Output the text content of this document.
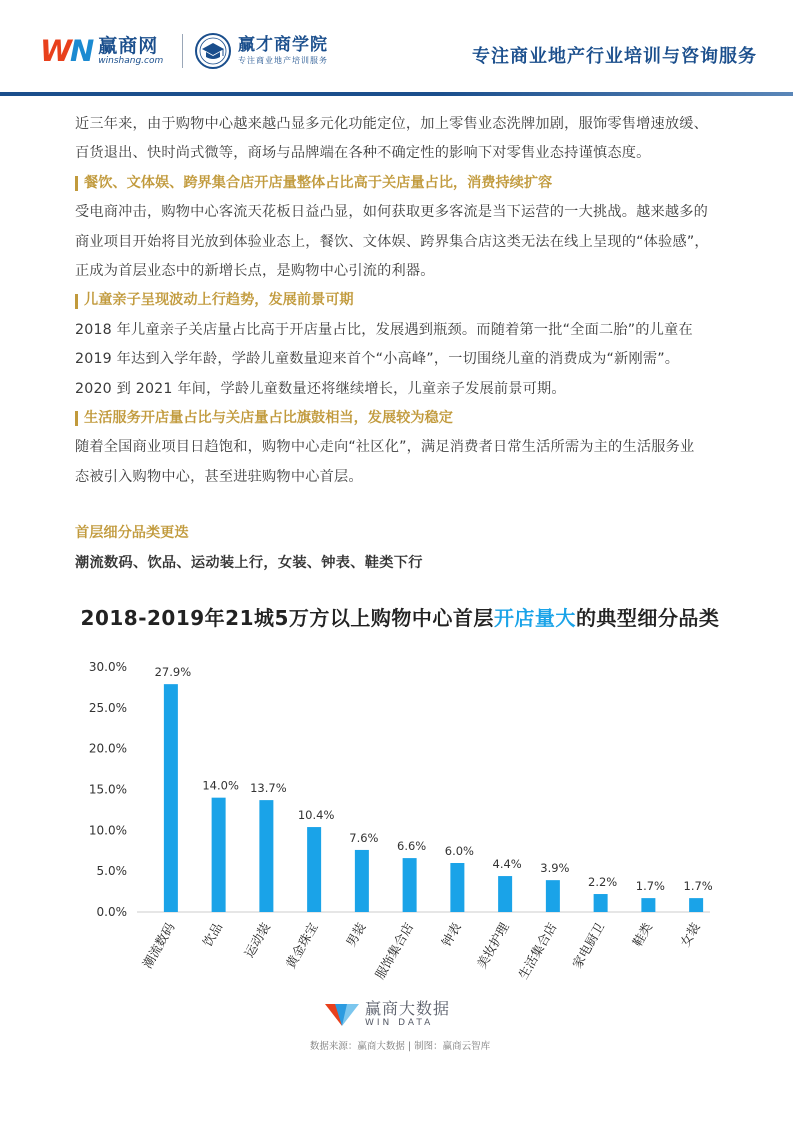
WN 赢商网
winshang.com
赢才商学院
专注商业地产培训服务	专注商业地产行业培训与咨询服务

近三年来，由于购物中心越来越凸显多元化功能定位，加上零售业态洗牌加剧，服饰零售增速放缓、

百货退出、快时尚式微等，商场与品牌端在各种不确定性的影响下对零售业态持谨慎态度。

餐饮、文体娱、跨界集合店开店量整体占比高于关店量占比，消费持续扩容

受电商冲击，购物中心客流天花板日益凸显，如何获取更多客流是当下运营的一大挑战。越来越多的

商业项目开始将目光放到体验业态上，餐饮、文体娱、跨界集合店这类无法在线上呈现的“体验感”，

正成为首层业态中的新增长点，是购物中心引流的利器。

儿童亲子呈现波动上行趋势，发展前景可期

2018 年儿童亲子关店量占比高于开店量占比，发展遇到瓶颈。而随着第一批“全面二胎”的儿童在

2019 年达到入学年龄，学龄儿童数量迎来首个“小高峰”，一切围绕儿童的消费成为“新刚需”。

2020 到 2021 年间，学龄儿童数量还将继续增长，儿童亲子发展前景可期。

生活服务开店量占比与关店量占比旗鼓相当，发展较为稳定

随着全国商业项目日趋饱和，购物中心走向“社区化”，满足消费者日常生活所需为主的生活服务业

态被引入购物中心，甚至进驻购物中心首层。

首层细分品类更迭
潮流数码、饮品、运动装上行，女装、钟表、鞋类下行
0.0%
5.0%
10.0%
15.0%
20.0%
25.0%
30.0% 27.9%
潮流数码
14.0%
饮品
13.7%
运动装
10.4%
黄金珠宝
7.6%
男装
6.6%
服饰集合店
6.0%
钟表
4.4%
美妆护理
3.9%
生活集合店
2.2%
家电厨卫
1.7%
鞋类
1.7%
女装
2018-2019年21城5万方以上购物中心首层开店量大的典型细分品类
赢商大数据
WIN DATA
数据来源：赢商大数据 | 制图：赢商云智库
